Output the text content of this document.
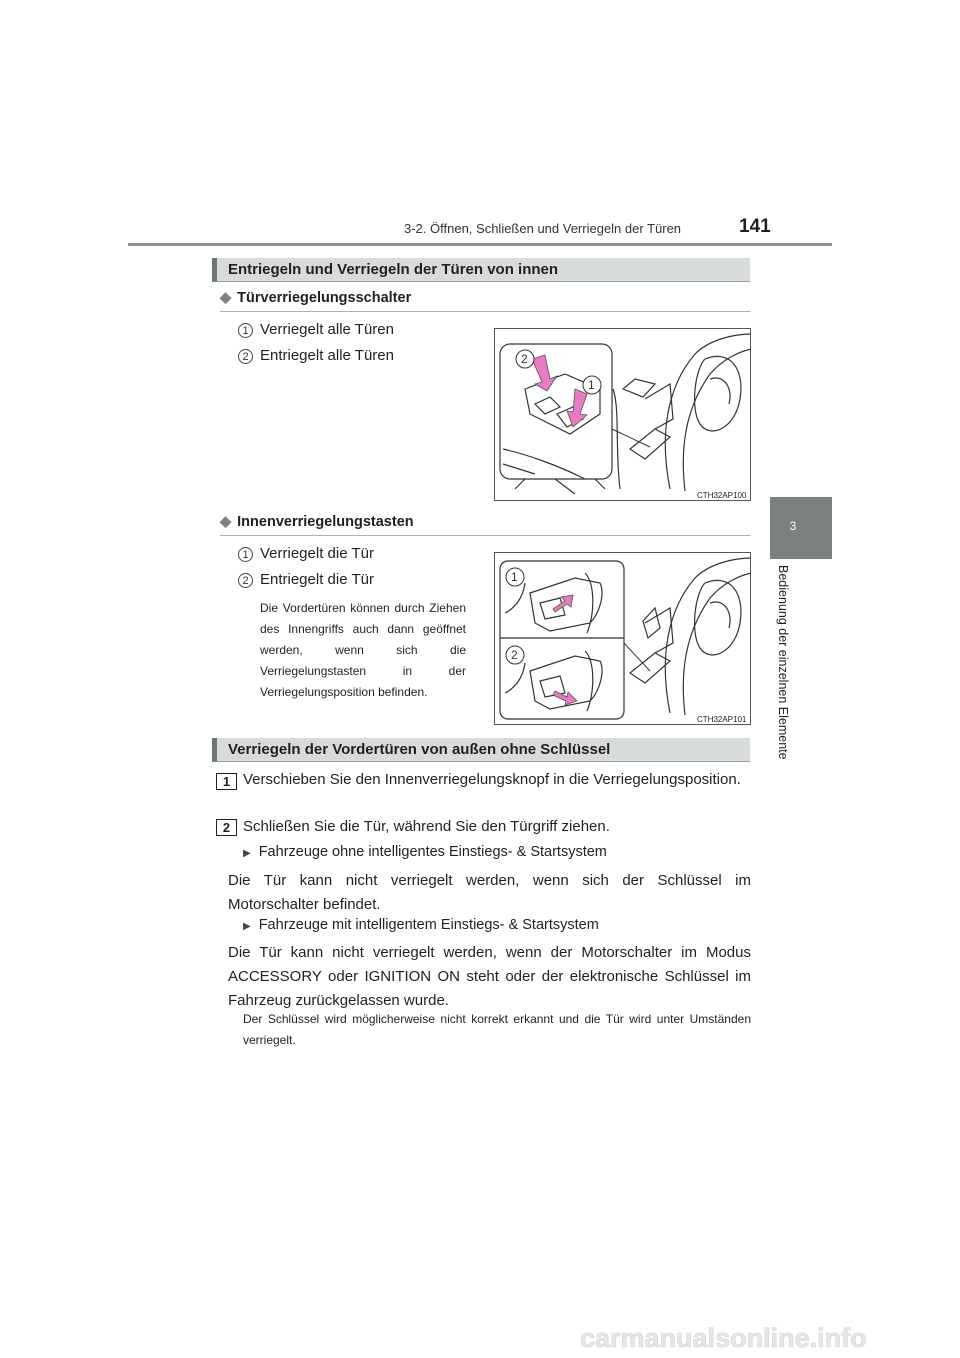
3-2. Öffnen, Schließen und Verriegeln der Türen	141
3
Bedienung der einzelnen Elemente
Entriegeln und Verriegeln der Türen von innen
◆ Türverriegelungsschalter
1 Verriegelt alle Türen
2 Entriegelt alle Türen	2
1
CTH32AP100
◆ Innenverriegelungstasten
1 Verriegelt die Tür
2 Entriegelt die Tür
Die Vordertüren können durch Ziehen des Innengriffs auch dann geöffnet werden, wenn sich die Verriegelungstasten in der Verriegelungsposition befinden.
1
2
CTH32AP101
Verriegeln der Vordertüren von außen ohne Schlüssel
1 Verschieben Sie den Innenverriegelungsknopf in die Verriegelungsposition.
2 Schließen Sie die Tür, während Sie den Türgriff ziehen.
▶ Fahrzeuge ohne intelligentes Einstiegs- & Startsystem
Die Tür kann nicht verriegelt werden, wenn sich der Schlüssel im Motorschalter befindet.
▶ Fahrzeuge mit intelligentem Einstiegs- & Startsystem
Die Tür kann nicht verriegelt werden, wenn der Motorschalter im Modus ACCESSORY oder IGNITION ON steht oder der elektronische Schlüssel im Fahrzeug zurückgelassen wurde.
Der Schlüssel wird möglicherweise nicht korrekt erkannt und die Tür wird unter Umständen verriegelt.
carmanualsonline.info
